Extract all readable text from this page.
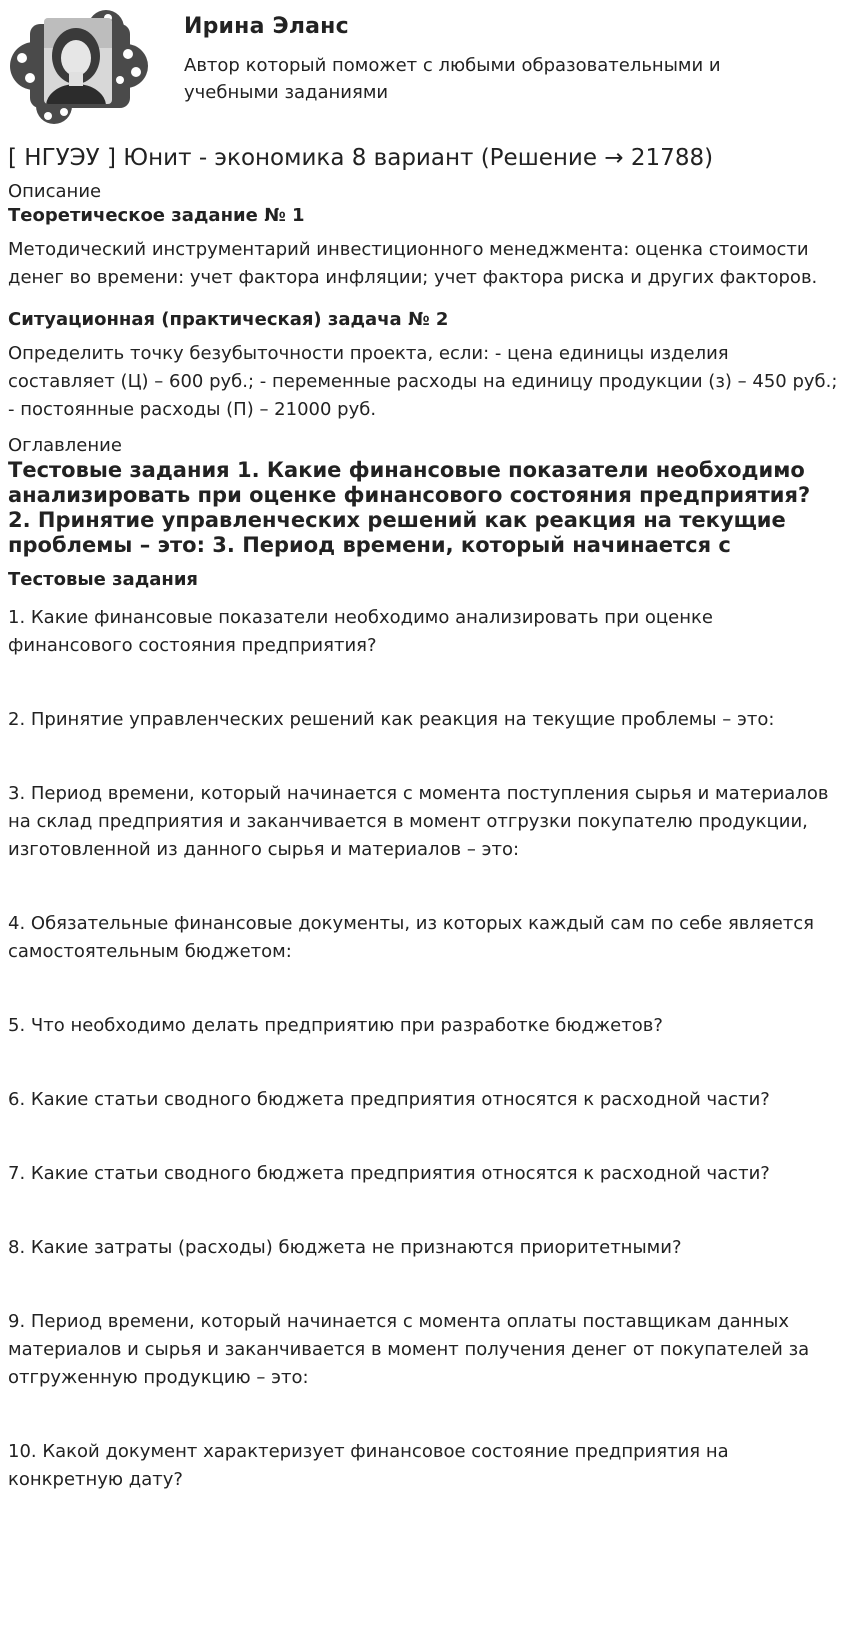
Ирина Эланс
Автор который поможет с любыми образовательными и учебными заданиями
[ НГУЭУ ] Юнит - экономика 8 вариант (Решение → 21788)

Описание

Теоретическое задание № 1

Методический инструментарий инвестиционного менеджмента: оценка стоимости денег во времени: учет фактора инфляции; учет фактора риска и других факторов.

Ситуационная (практическая) задача № 2

Определить точку безубыточности проекта, если: - цена единицы изделия составляет (Ц) – 600 руб.; - переменные расходы на единицу продукции (з) – 450 руб.; - постоянные расходы (П) – 21000 руб.

Оглавление

Тестовые задания 1. Какие финансовые показатели необходимо анализировать при оценке финансового состояния предприятия? 2. Принятие управленческих решений как реакция на текущие проблемы – это: 3. Период времени, который начинается с

Тестовые задания

1. Какие финансовые показатели необходимо анализировать при оценке финансового состояния предприятия?

2. Принятие управленческих решений как реакция на текущие проблемы – это:

3. Период времени, который начинается с момента поступления сырья и материалов на склад предприятия и заканчивается в момент отгрузки покупателю продукции, изготовленной из данного сырья и материалов – это:

4. Обязательные финансовые документы, из которых каждый сам по себе является самостоятельным бюджетом:

5. Что необходимо делать предприятию при разработке бюджетов?

6. Какие статьи сводного бюджета предприятия относятся к расходной части?

7. Какие статьи сводного бюджета предприятия относятся к расходной части?

8. Какие затраты (расходы) бюджета не признаются приоритетными?

9. Период времени, который начинается с момента оплаты поставщикам данных материалов и сырья и заканчивается в момент получения денег от покупателей за отгруженную продукцию – это:

10. Какой документ характеризует финансовое состояние предприятия на конкретную дату?
